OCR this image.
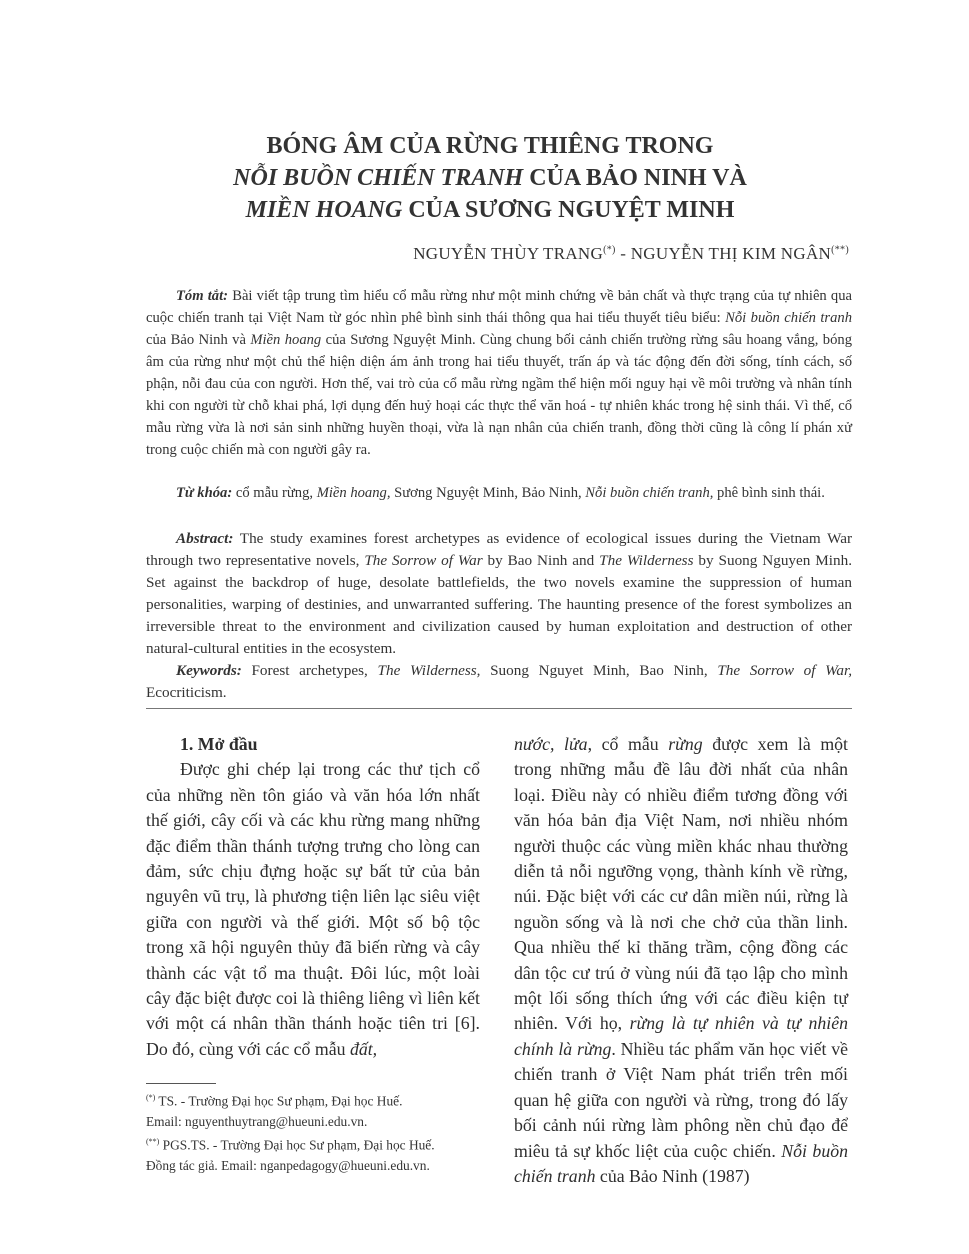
BÓNG ÂM CỦA RỪNG THIÊNG TRONG
NỖI BUỒN CHIẾN TRANH CỦA BẢO NINH VÀ
MIỀN HOANG CỦA SƯƠNG NGUYỆT MINH
NGUYỄN THÙY TRANG(*) - NGUYỄN THỊ KIM NGÂN(**)
Tóm tắt: Bài viết tập trung tìm hiểu cổ mẫu rừng như một minh chứng về bản chất và thực trạng của tự nhiên qua cuộc chiến tranh tại Việt Nam từ góc nhìn phê bình sinh thái thông qua hai tiểu thuyết tiêu biểu: Nỗi buồn chiến tranh của Bảo Ninh và Miền hoang của Sương Nguyệt Minh. Cùng chung bối cảnh chiến trường rừng sâu hoang vắng, bóng âm của rừng như một chủ thể hiện diện ám ảnh trong hai tiểu thuyết, trấn áp và tác động đến đời sống, tính cách, số phận, nỗi đau của con người. Hơn thế, vai trò của cổ mẫu rừng ngầm thể hiện mối nguy hại về môi trường và nhân tính khi con người từ chỗ khai phá, lợi dụng đến huỷ hoại các thực thể văn hoá - tự nhiên khác trong hệ sinh thái. Vì thế, cổ mẫu rừng vừa là nơi sản sinh những huyền thoại, vừa là nạn nhân của chiến tranh, đồng thời cũng là công lí phán xử trong cuộc chiến mà con người gây ra.
Từ khóa: cổ mẫu rừng, Miền hoang, Sương Nguyệt Minh, Bảo Ninh, Nỗi buồn chiến tranh, phê bình sinh thái.
Abstract: The study examines forest archetypes as evidence of ecological issues during the Vietnam War through two representative novels, The Sorrow of War by Bao Ninh and The Wilderness by Suong Nguyen Minh. Set against the backdrop of huge, desolate battlefields, the two novels examine the suppression of human personalities, warping of destinies, and unwarranted suffering. The haunting presence of the forest symbolizes an irreversible threat to the environment and civilization caused by human exploitation and destruction of other natural-cultural entities in the ecosystem.
Keywords: Forest archetypes, The Wilderness, Suong Nguyet Minh, Bao Ninh, The Sorrow of War, Ecocriticism.

1. Mở đầu

Được ghi chép lại trong các thư tịch cổ của những nền tôn giáo và văn hóa lớn nhất thế giới, cây cối và các khu rừng mang những đặc điểm thần thánh tượng trưng cho lòng can đảm, sức chịu đựng hoặc sự bất tử của bản nguyên vũ trụ, là phương tiện liên lạc siêu việt giữa con người và thế giới. Một số bộ tộc trong xã hội nguyên thủy đã biến rừng và cây thành các vật tổ ma thuật. Đôi lúc, một loài cây đặc biệt được coi là thiêng liêng vì liên kết với một cá nhân thần thánh hoặc tiên tri [6]. Do đó, cùng với các cổ mẫu đất,

nước, lửa, cổ mẫu rừng được xem là một trong những mẫu đề lâu đời nhất của nhân loại. Điều này có nhiều điểm tương đồng với văn hóa bản địa Việt Nam, nơi nhiều nhóm người thuộc các vùng miền khác nhau thường diễn tả nỗi ngưỡng vọng, thành kính về rừng, núi. Đặc biệt với các cư dân miền núi, rừng là nguồn sống và là nơi che chở của thần linh. Qua nhiều thế kỉ thăng trầm, cộng đồng các dân tộc cư trú ở vùng núi đã tạo lập cho mình một lối sống thích ứng với các điều kiện tự nhiên. Với họ, rừng là tự nhiên và tự nhiên chính là rừng. Nhiều tác phẩm văn học viết về chiến tranh ở Việt Nam phát triển trên mối quan hệ giữa con người và rừng, trong đó lấy bối cảnh núi rừng làm phông nền chủ đạo để miêu tả sự khốc liệt của cuộc chiến. Nỗi buồn chiến tranh của Bảo Ninh (1987)

(*) TS. - Trường Đại học Sư phạm, Đại học Huế.

Email: nguyenthuytrang@hueuni.edu.vn.

(**) PGS.TS. - Trường Đại học Sư phạm, Đại học Huế.

Đồng tác giả. Email: nganpedagogy@hueuni.edu.vn.
